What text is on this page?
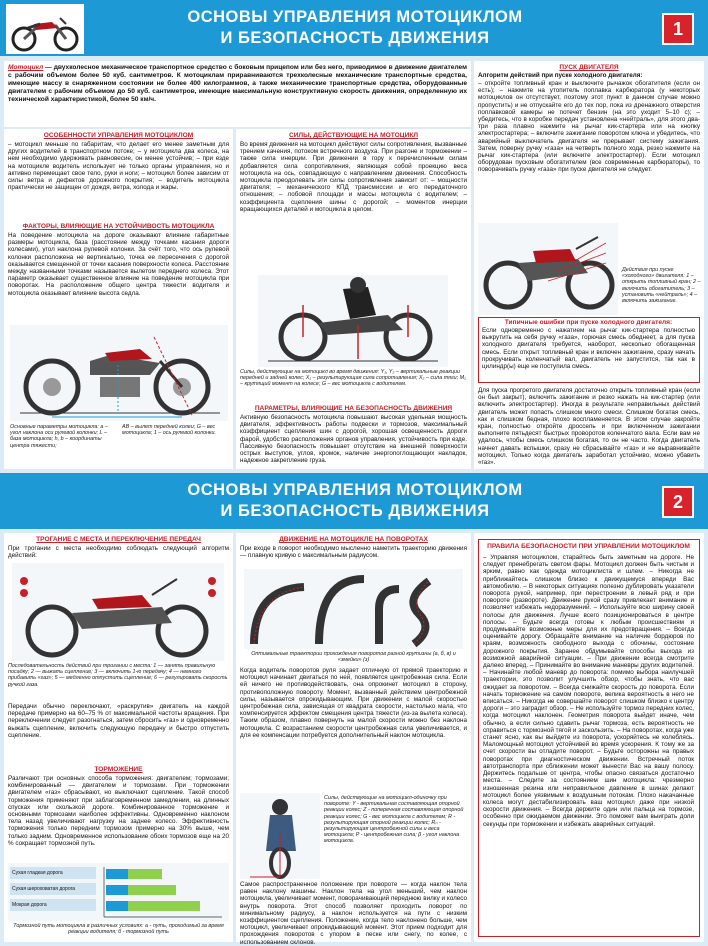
ОСНОВЫ УПРАВЛЕНИЯ МОТОЦИКЛОМ
И БЕЗОПАСНОСТЬ ДВИЖЕНИЯ	1
Мотоцикл — двухколесное механическое транспортное средство с боковым прицепом или без него, приводимое в движение двигателем с рабочим объемом более 50 куб. сантиметров. К мотоциклам приравниваются трехколесные механические транспортные средства, имеющие массу в снаряженном состоянии не более 400 килограммов, а также механические транспортные средства, оборудованные двигателем с рабочим объемом до 50 куб. сантиметров, имеющие максимальную конструктивную скорость движения, определенную их технической характеристикой, более 50 км/ч.
ОСОБЕННОСТИ УПРАВЛЕНИЯ МОТОЦИКЛОМ
– мотоцикл меньше по габаритам, что делает его менее заметным для других водителей в транспортном потоке; – у мотоцикла два колеса, на нем необходимо удерживать равновесие, он менее устойчив; – при езде на мотоцикле водитель использует не только органы управления, но и активно перемещает свое тело, руки и ноги; – мотоцикл более зависим от силы ветра и дефектов дорожного покрытия; – водитель мотоцикла практически не защищен от дождя, ветра, холода и жары.
ФАКТОРЫ, ВЛИЯЮЩИЕ НА УСТОЙЧИВОСТЬ МОТОЦИКЛА
На поведение мотоцикла на дороге оказывают влияние габаритные размеры мотоцикла, база (расстояние между точками касания дороги колесами), угол наклона рулевой колонки. За счёт того, что ось рулевой колонки расположена не вертикально, точка ее пересечения с дорогой оказывается смещенной от точки касания поверхности колеса. Расстояние между названными точками называется вылетом переднего колеса. Этот параметр оказывает существенное влияние на поведение мотоцикла при поворотах. На расположение общего центра тяжести водителя и мотоцикла оказывает влияние высота седла.
Основные параметры мотоцикла: a – угол наклона оси рулевой колонки; L – база мотоцикла; h, b – координаты центра тяжести;
AB – вылет передней колеи; G – вес мотоцикла; 1 – ось рулевой колонки.
СИЛЫ, ДЕЙСТВУЮЩИЕ НА МОТОЦИКЛ
Во время движения на мотоцикл действуют силы сопротивления, вызванные трением качения, потоком встречного воздуха. При разгоне и торможении – также сила инерции. При движении в гору к перечисленным силам добавляется сила сопротивления, являющая собой проекцию веса мотоцикла на ось, совпадающую с направлением движения. Способность мотоцикла преодолевать эти силы сопротивления зависит от: – мощности двигателя; – механического КПД трансмиссии и его передаточного отношения; – лобовой площади и массы мотоцикла с водителем; – коэффициента сцепления шины с дорогой; – моментов инерции вращающихся деталей и мотоцикла в целом.
Силы, действующие на мотоцикл во время движения: Y₁, Y₂ – вертикальные реакции передней и задней колес; X₁ – результирующая сила сопротивления; X₂ – сила тяги; M₁ – крутящий момент на колесе; G – вес мотоцикла с водителем.
ПАРАМЕТРЫ, ВЛИЯЮЩИЕ НА БЕЗОПАСНОСТЬ ДВИЖЕНИЯ
Активную безопасность мотоцикла повышают высокая удельная мощность двигателя, эффективность работы подвески и тормозов, максимальный коэффициент сцепления шин с дорогой, хорошая освещенность дороги фарой, удобство расположения органов управления, устойчивость при езде. Пассивную безопасность повышает отсутствие на внешней поверхности острых выступов, углов, кромок, наличие энергопоглощающих накладок, надежное закрепление груза.
ПУСК ДВИГАТЕЛЯ
Алгоритм действий при пуске холодного двигателя:
– откройте топливный кран и выключите рычажок обогатителя (если он есть); – нажмите на утопитель поплавка карбюратора (у некоторых мотоциклов он отсутствует, поэтому этот пункт в данном случае можно пропустить) и не отпускайте его до тех пор, пока из дренажного отверстия поплавковой камеры не потечет бензин (на это уходит 5–10 с); – убедитесь, что в коробке передач установлена «нейтраль», для этого два-три раза плавно нажмите на рычаг кик-стартера или на кнопку электростартера; – включите зажигание поворотом ключа и убедитесь, что аварийный выключатель двигателя не прерывает систему зажигания. Затем, поверну ручку «газа» на четверть полного хода, резко нажмите на рычаг кик-стартера (или включите электростартер). Если мотоцикл оборудован пусковым обогатителем (все современные карбюраторы), то поворачивать ручку «газа» при пуске двигателя не следует.
Действия при пуске «холодного» двигателя: 1 – открыть топливный кран; 2 – включить обогатитель; 3 – установить «нейтраль»; 4 – включить зажигание.
Типичные ошибки при пуске холодного двигателя:
Если одновременно с нажатием на рычаг кик-стартера полностью выкрутить на себя ручку «газа», горючая смесь обеднеет, а для пуска холодного двигателя требуется, наоборот, несколько обогащенная смесь. Если открыт топливный кран и включен зажигание, сразу начать прокручивать коленчатый вал, двигатель не запустится, так как в цилиндр(ы) еще не поступила смесь.
Для пуска прогретого двигателя достаточно открыть топливный кран (если он был закрыт), включить зажигание и резко нажать на кик-стартер (или включить электростартер). Иногда в результате неправильных действий двигатель может попасть слишком много смеси. Слишком богатая смесь, как и слишком бедная, плохо воспламеняется. В этом случае закройте кран, полностью откройте дроссель и при включенном зажигании выполните пятьдесят быстрых проворотов коленчатого вала. Если вам не удалось, чтобы смесь слишком богатая, то он не часто. Когда двигатель начнет давать вспышки, сразу не сбрасывайте «газ» и не выравнивайте мотоцикл. Только когда двигатель заработал устойчиво, можно убавить «газ».
ОСНОВЫ УПРАВЛЕНИЯ МОТОЦИКЛОМ
И БЕЗОПАСНОСТЬ ДВИЖЕНИЯ	2
ТРОГАНИЕ С МЕСТА И ПЕРЕКЛЮЧЕНИЕ ПЕРЕДАЧ
При трогании с места необходимо соблюдать следующий алгоритм действий:
Последовательность действий при трогании с места: 1 — занять правильную посадку; 2 — выжать сцепление; 3 — включить 1-ю передачу; 4 — немного прибавить «газ»; 5 — медленно отпустить сцепление; 6 — регулировать скорость ручкой газа.
Передачи обычно переключают, «раскрутив» двигатель на каждой передаче примерно на 60–75 % от максимальной частоты вращения. При переключении следует разогнаться, затем сбросить «газ» и одновременно выжать сцепление, включить следующую передачу и быстро отпустить сцепление.
ТОРМОЖЕНИЕ
Различают три основных способа торможения: двигателем; тормозами; комбинированный — двигателем и тормозами. При торможении двигателем «газ» сбрасывают, но выключают сцепление. Такой способ торможения применяют при заблаговременном замедлении, на длинных спусках или скользкой дороге. Комбинированное торможение и основными тормозами наиболее эффективны. Одновременно наклоном тела назад увеличивают нагрузку на заднее колесо. Эффективность торможения только передним тормозом примерно на 30% выше, чем только задним. Одновременное использование обоих тормозов еще на 20 % сокращает тормозной путь.
Сухая гладкая дорога
Сухая шероховатая дорога
Мокрая дорога
Тормозной путь мотоцикла в различных условиях: а - путь, проходимый за время реакции водителя; б - тормозной путь
ДВИЖЕНИЕ НА МОТОЦИКЛЕ НА ПОВОРОТАХ
При входе в поворот необходимо мысленно наметить траекторию движения — плавную кривую с максимальным радиусом.
Оптимальные траектории прохождения поворотов разной крутизны (а, б, в) и «змейки» (з)
Когда водитель поворотов руля задает отличную от прямой траекторию и мотоцикл начинает двигаться по ней, появляется центробежная сила. Если ей ничего не противодействовать, она опрокинет мотоцикл в сторону, противоположную повороту. Момент, вызванный действием центробежной силы, называется опрокидывающим. При движении с малой скоростью центробежная сила, зависящая от квадрата скорости, настолько мала, что компенсируется эффектом смещения центра тяжести (из-за вылета колеса). Таким образом, плавно повернуть на малой скорости можно без наклона мотоцикла. С возрастанием скорости центробежная сила увеличивается, и для ее компенсации потребуется дополнительный наклон мотоцикла.
Силы, действующие на мотоцикл-одиночку при повороте: Y - вертикальная составляющая опорной реакции колес; Z - поперечная составляющая опорной реакции колес; G - вес мотоцикла с водителем; R - результирующая опорной реакции колес; Rₙ - результирующая центробежной силы и веса мотоцикла; P - центробежная сила; β - угол наклона мотоцикла.
Самое распространенное положение при повороте — когда наклон тела равен наклону машины. Наклон тела на угол меньший, чем наклон мотоцикла, увеличивает момент, поворачивающий переднюю вилку и колесо внутрь поворота. Этот способ позволяет проходить поворот по минимальному радиусу, а наклон используется на пути с низким коэффициентом сцепления. Положение, когда тело наклонено больше, чем мотоцикл, увеличивает опрокидывающий момент. Этот прием подходит для прохождения поворотов с упором в песке или снегу, по колее, с использованием склонов.
ПРАВИЛА БЕЗОПАСНОСТИ ПРИ УПРАВЛЕНИИ МОТОЦИКЛОМ
– Управляя мотоциклом, старайтесь быть заметным на дороге. Не следует пренебрегать светом фары. Мотоцикл должен быть чистым и ярким, равно как одежда мотоциклиста и шлем. – Никогда не приближайтесь слишком близко к движущемуся впереди Вас автомобилю. – В некоторых ситуациях полезно дублировать указатели поворота рукой, например, при перестроении в левый ряд и при повороте (развороте). Движение рукой сразу привлекает внимание и позволяет избежать недоразумений. – Используйте всю ширину своей полосы для движения. Лучше всего позиционироваться в центре полосы. – Будьте всегда готовы к любым происшествиям и продумывайте возможные меры для их предотвращения. – Всегда оценивайте дорогу. Обращайте внимание на наличие бордюров по краям, возможность свободного выхода с обочины, состояние дорожного покрытия. Заранее обдумывайте способы выхода из возможной аварийной ситуации. – При движении всегда смотрите далеко вперед. – Принимайте во внимание маневры других водителей. – Начинайте любой маневр до поворота: помимо выбора наилучшей траектории, это позволит улучшить обзор, чтобы знать, что вас ожидает за поворотом. – Всегда снижайте скорость до поворота. Если начать торможение на самом повороте, велика вероятность в него не вписаться. – Никогда не совершайте поворот слишком близко к центру дороги – это заградит обзор. – Не используйте тормоз передних колес, когда мотоцикл наклонен. Геометрия поворота выйдет иначе, чем обычно, а если сильно сдавить рычаг тормоза, есть вероятность не справиться с тормозной тягой и заскользить. – На поворотах, когда уже станет ясно, как вы выйдете из поворота, ускоряйтесь не колеблясь. Маломощный мотоцикл устойчивей во время ускорения. К тому же за счет скорости вы отладите поворот. – Будьте осторожны на правых поворотах при диагностическом движении. Встречный поток автотранспорта при сближении может вынести Вас на вашу полосу. Держитесь подальше от центра, чтобы опасно связаться достаточно места. – Следите за состоянием шин мотоцикла: чрезмерно изношенная резина или неправильное давление в шинах делают мотоцикл более уязвимым к воздушным потокам. Плохо накачанные колеса могут дестабилизировать ваш мотоцикл даже при низкой скорости движения. – Всегда держите один или пальца на тормозе, особенно при ожидаемом движении. Это поможет вам выиграть доли секунды при торможении и избежать аварийных ситуаций.
